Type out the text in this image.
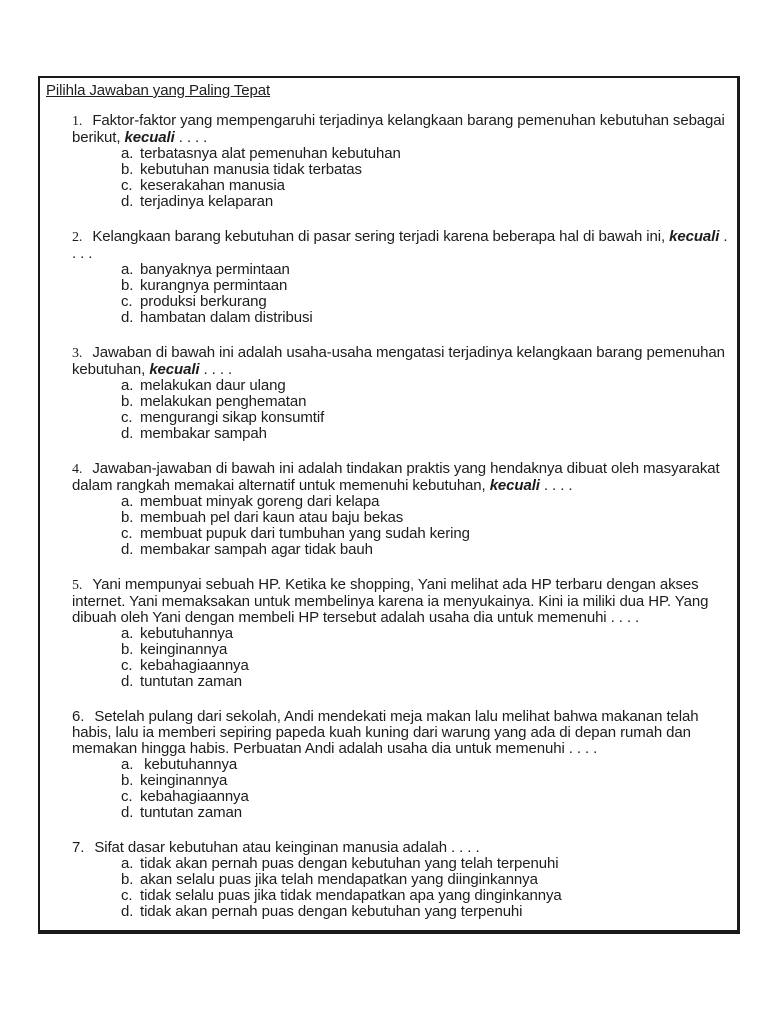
Pilihla Jawaban yang Paling Tepat

1. Faktor-faktor yang mempengaruhi terjadinya kelangkaan barang pemenuhan kebutuhan sebagai berikut, kecuali . . . .

a. terbatasnya alat pemenuhan kebutuhan
b. kebutuhan manusia tidak terbatas
c. keserakahan manusia
d. terjadinya kelaparan

2. Kelangkaan barang kebutuhan di pasar sering terjadi karena beberapa hal di bawah ini, kecuali . . . .

a. banyaknya permintaan
b. kurangnya permintaan
c. produksi berkurang
d. hambatan dalam distribusi

3. Jawaban di bawah ini adalah usaha-usaha mengatasi terjadinya kelangkaan barang pemenuhan kebutuhan, kecuali . . . .

a. melakukan daur ulang
b. melakukan penghematan
c. mengurangi sikap konsumtif
d. membakar sampah

4. Jawaban-jawaban di bawah ini adalah tindakan praktis yang hendaknya dibuat oleh masyarakat dalam rangkah memakai alternatif untuk memenuhi kebutuhan, kecuali . . . .

a. membuat minyak goreng dari kelapa
b. membuah pel dari kaun atau baju bekas
c. membuat pupuk dari tumbuhan yang sudah kering
d. membakar sampah agar tidak bauh

5. Yani mempunyai sebuah HP. Ketika ke shopping, Yani melihat ada HP terbaru dengan akses internet. Yani memaksakan untuk membelinya karena ia menyukainya. Kini ia miliki dua HP. Yang dibuah oleh Yani dengan membeli HP tersebut adalah usaha dia untuk memenuhi . . . .

a. kebutuhannya
b. keinginannya
c. kebahagiaannya
d. tuntutan zaman

6. Setelah pulang dari sekolah, Andi mendekati meja makan lalu melihat bahwa makanan telah habis, lalu ia memberi sepiring papeda kuah kuning dari warung yang ada di depan rumah dan memakan hingga habis. Perbuatan Andi adalah usaha dia untuk memenuhi . . . .

a. kebutuhannya
b. keinginannya
c. kebahagiaannya
d. tuntutan zaman

7. Sifat dasar kebutuhan atau keinginan manusia adalah . . . .

a. tidak akan pernah puas dengan kebutuhan yang telah terpenuhi
b. akan selalu puas jika telah mendapatkan yang diinginkannya
c. tidak selalu puas jika tidak mendapatkan apa yang dinginkannya
d. tidak akan pernah puas dengan kebutuhan yang terpenuhi
